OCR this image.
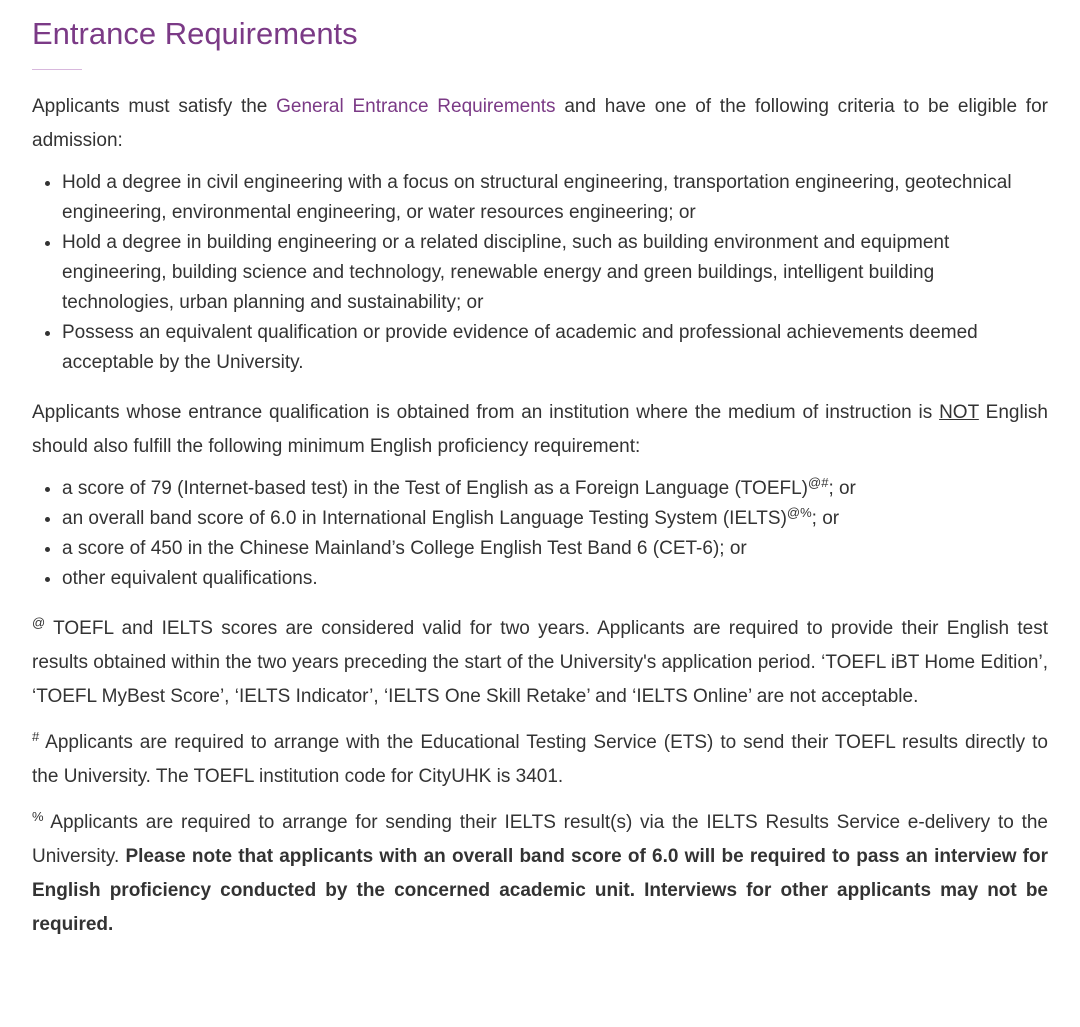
Entrance Requirements

Applicants must satisfy the General Entrance Requirements and have one of the following criteria to be eligible for admission:

• Hold a degree in civil engineering with a focus on structural engineering, transportation engineering, geotechnical engineering, environmental engineering, or water resources engineering; or
• Hold a degree in building engineering or a related discipline, such as building environment and equipment engineering, building science and technology, renewable energy and green buildings, intelligent building technologies, urban planning and sustainability; or
• Possess an equivalent qualification or provide evidence of academic and professional achievements deemed acceptable by the University.

Applicants whose entrance qualification is obtained from an institution where the medium of instruction is NOT English should also fulfill the following minimum English proficiency requirement:

• a score of 79 (Internet-based test) in the Test of English as a Foreign Language (TOEFL)@#; or
• an overall band score of 6.0 in International English Language Testing System (IELTS)@%; or
• a score of 450 in the Chinese Mainland’s College English Test Band 6 (CET-6); or
• other equivalent qualifications.

@ TOEFL and IELTS scores are considered valid for two years. Applicants are required to provide their English test results obtained within the two years preceding the start of the University's application period. ‘TOEFL iBT Home Edition’, ‘TOEFL MyBest Score’, ‘IELTS Indicator’, ‘IELTS One Skill Retake’ and ‘IELTS Online’ are not acceptable.

# Applicants are required to arrange with the Educational Testing Service (ETS) to send their TOEFL results directly to the University. The TOEFL institution code for CityUHK is 3401.

% Applicants are required to arrange for sending their IELTS result(s) via the IELTS Results Service e-delivery to the University. Please note that applicants with an overall band score of 6.0 will be required to pass an interview for English proficiency conducted by the concerned academic unit. Interviews for other applicants may not be required.
